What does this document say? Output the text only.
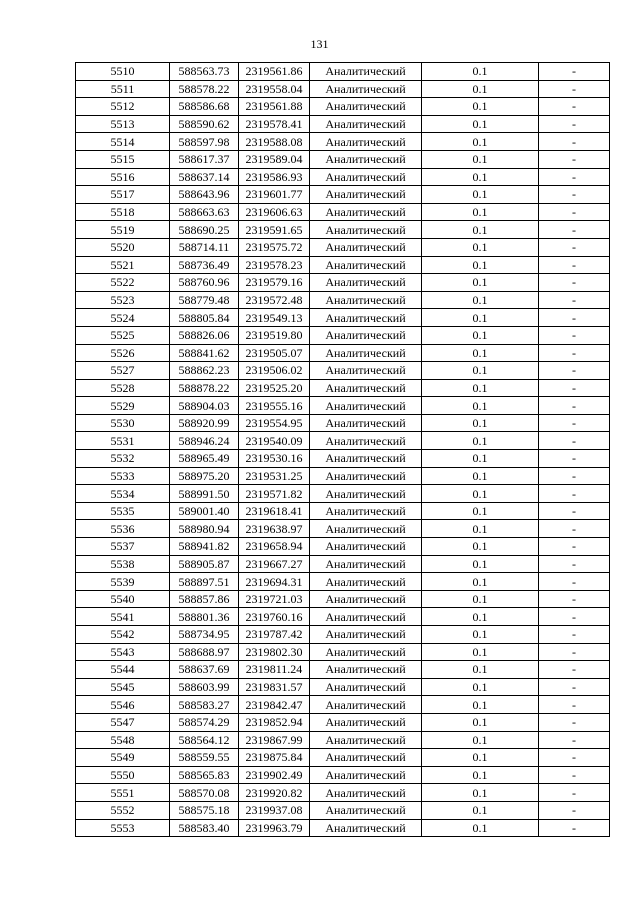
131
5510	588563.73	2319561.86	Аналитический	0.1	-
5511	588578.22	2319558.04	Аналитический	0.1	-
5512	588586.68	2319561.88	Аналитический	0.1	-
5513	588590.62	2319578.41	Аналитический	0.1	-
5514	588597.98	2319588.08	Аналитический	0.1	-
5515	588617.37	2319589.04	Аналитический	0.1	-
5516	588637.14	2319586.93	Аналитический	0.1	-
5517	588643.96	2319601.77	Аналитический	0.1	-
5518	588663.63	2319606.63	Аналитический	0.1	-
5519	588690.25	2319591.65	Аналитический	0.1	-
5520	588714.11	2319575.72	Аналитический	0.1	-
5521	588736.49	2319578.23	Аналитический	0.1	-
5522	588760.96	2319579.16	Аналитический	0.1	-
5523	588779.48	2319572.48	Аналитический	0.1	-
5524	588805.84	2319549.13	Аналитический	0.1	-
5525	588826.06	2319519.80	Аналитический	0.1	-
5526	588841.62	2319505.07	Аналитический	0.1	-
5527	588862.23	2319506.02	Аналитический	0.1	-
5528	588878.22	2319525.20	Аналитический	0.1	-
5529	588904.03	2319555.16	Аналитический	0.1	-
5530	588920.99	2319554.95	Аналитический	0.1	-
5531	588946.24	2319540.09	Аналитический	0.1	-
5532	588965.49	2319530.16	Аналитический	0.1	-
5533	588975.20	2319531.25	Аналитический	0.1	-
5534	588991.50	2319571.82	Аналитический	0.1	-
5535	589001.40	2319618.41	Аналитический	0.1	-
5536	588980.94	2319638.97	Аналитический	0.1	-
5537	588941.82	2319658.94	Аналитический	0.1	-
5538	588905.87	2319667.27	Аналитический	0.1	-
5539	588897.51	2319694.31	Аналитический	0.1	-
5540	588857.86	2319721.03	Аналитический	0.1	-
5541	588801.36	2319760.16	Аналитический	0.1	-
5542	588734.95	2319787.42	Аналитический	0.1	-
5543	588688.97	2319802.30	Аналитический	0.1	-
5544	588637.69	2319811.24	Аналитический	0.1	-
5545	588603.99	2319831.57	Аналитический	0.1	-
5546	588583.27	2319842.47	Аналитический	0.1	-
5547	588574.29	2319852.94	Аналитический	0.1	-
5548	588564.12	2319867.99	Аналитический	0.1	-
5549	588559.55	2319875.84	Аналитический	0.1	-
5550	588565.83	2319902.49	Аналитический	0.1	-
5551	588570.08	2319920.82	Аналитический	0.1	-
5552	588575.18	2319937.08	Аналитический	0.1	-
5553	588583.40	2319963.79	Аналитический	0.1	-
